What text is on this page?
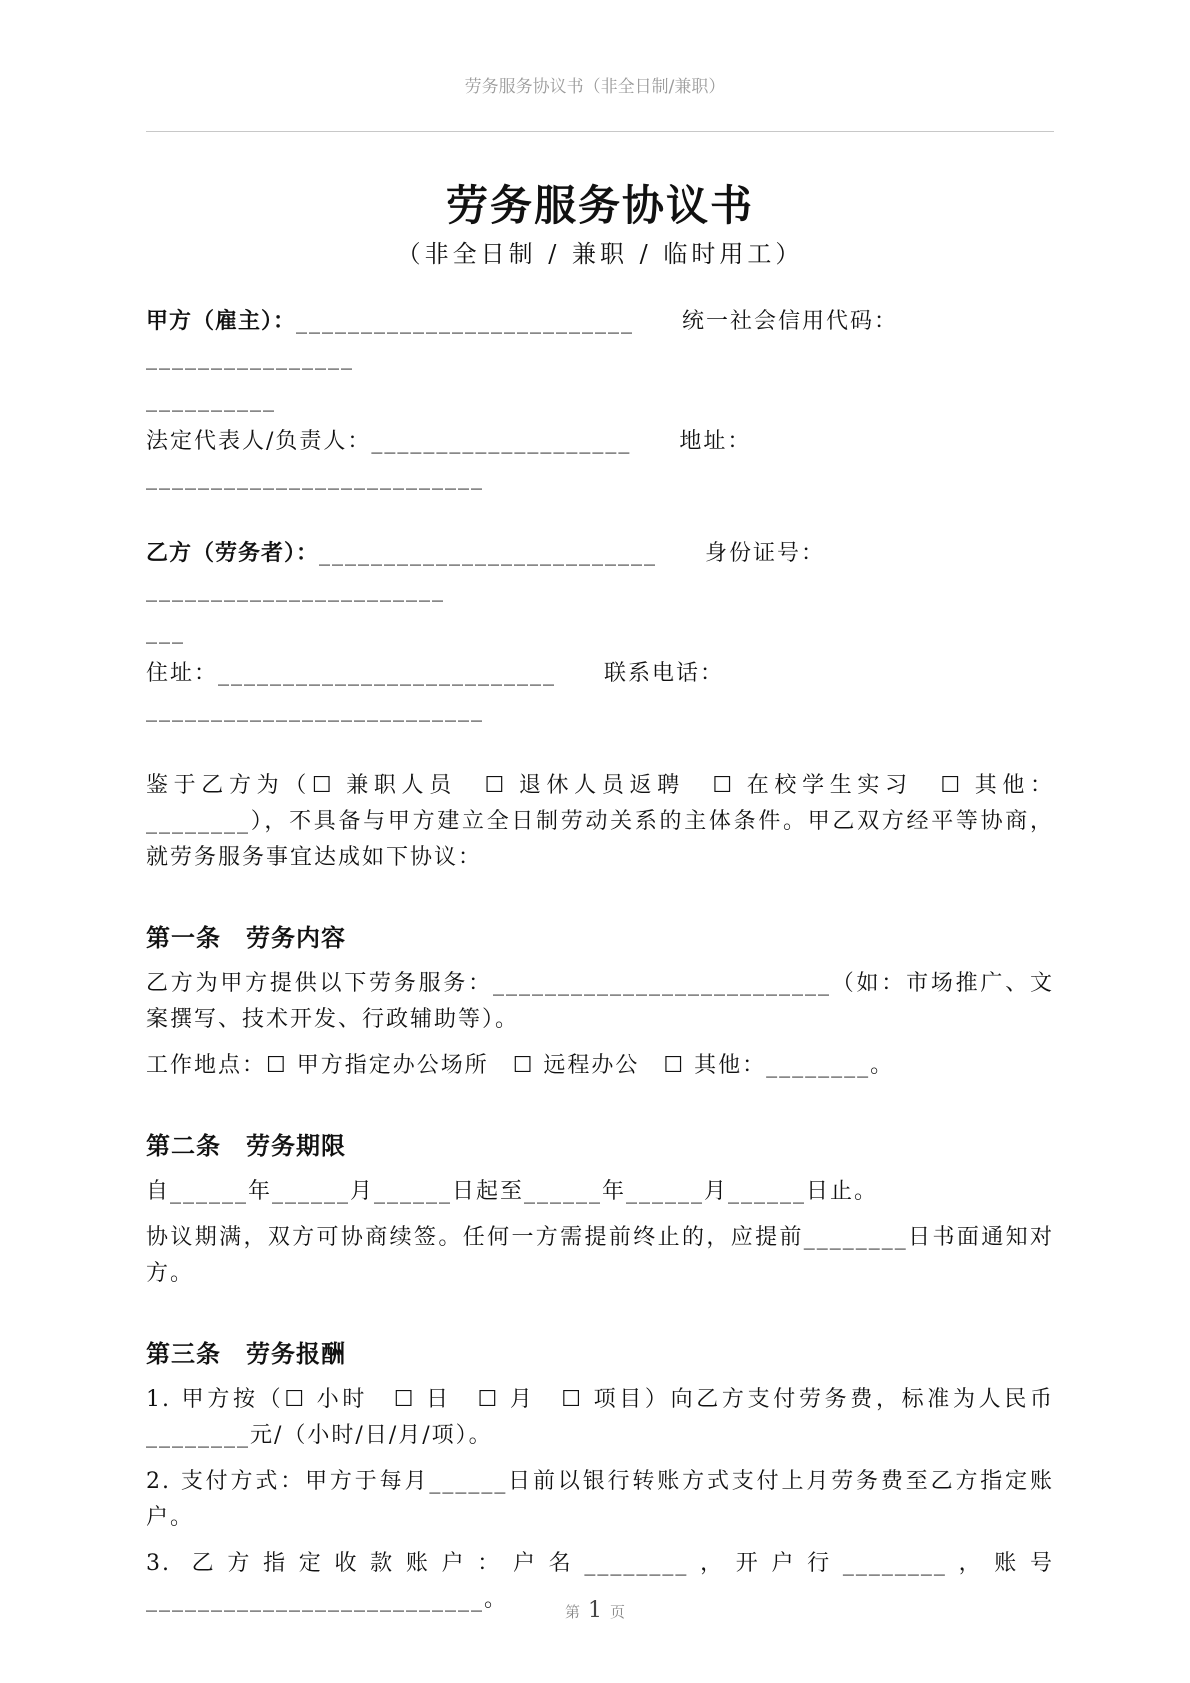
劳务服务协议书（非全日制/兼职）
劳务服务协议书

（非全日制 / 兼职 / 临时用工）

甲方（雇主）：__________________________　　统一社会信用代码：________________

__________

法定代表人/负责人：____________________　　地址：__________________________

乙方（劳务者）：__________________________　　身份证号：_______________________

___

住址：__________________________　　联系电话：__________________________

鉴于乙方为（☐ 兼职人员　☐ 退休人员返聘　☐ 在校学生实习　☐ 其他：________），不具备与甲方建立全日制劳动关系的主体条件。甲乙双方经平等协商，就劳务服务事宜达成如下协议：

第一条　劳务内容

乙方为甲方提供以下劳务服务：__________________________（如：市场推广、文案撰写、技术开发、行政辅助等）。

工作地点：☐ 甲方指定办公场所　☐ 远程办公　☐ 其他：________。

第二条　劳务期限

自______年______月______日起至______年______月______日止。

协议期满，双方可协商续签。任何一方需提前终止的，应提前________日书面通知对方。

第三条　劳务报酬

1. 甲方按（☐ 小时　☐ 日　☐ 月　☐ 项目）向乙方支付劳务费，标准为人民币________元/（小时/日/月/项）。

2. 支付方式：甲方于每月______日前以银行转账方式支付上月劳务费至乙方指定账户。

3. 乙方指定收款账户：户名________，开户行________，账号__________________________。	第 1 页
